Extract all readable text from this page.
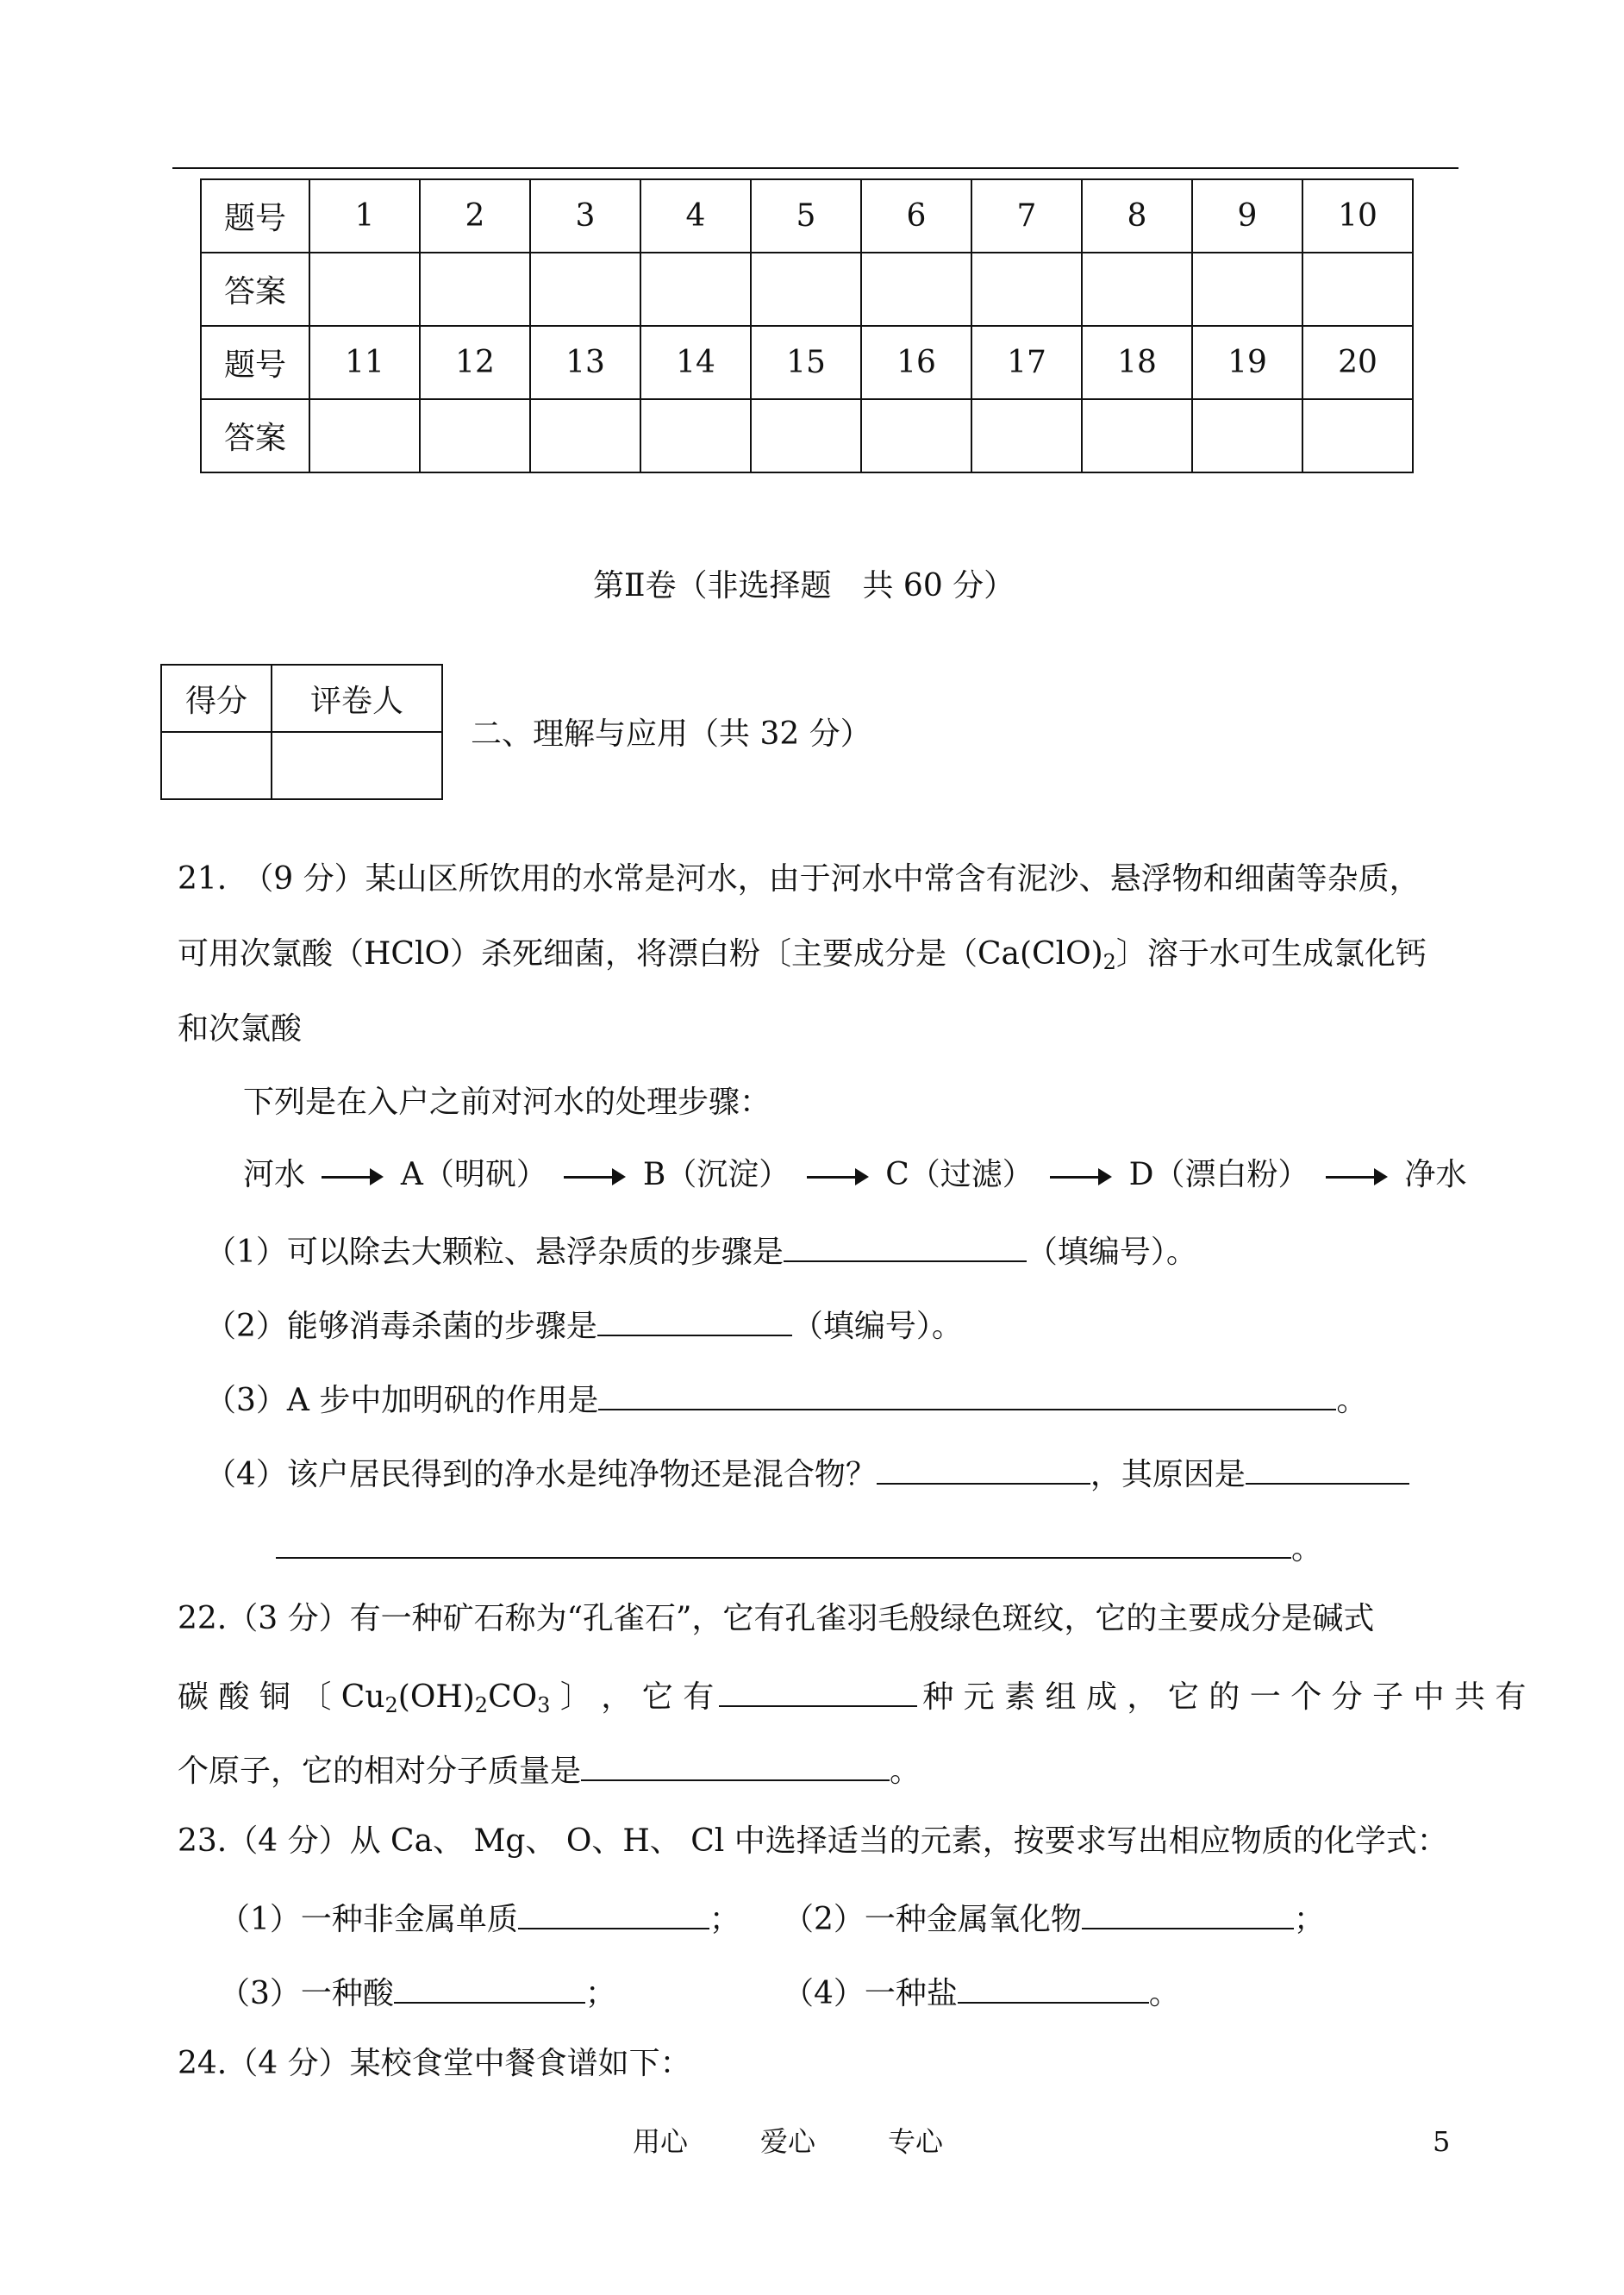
题号	1	2	3	4	5	6	7	8	9	10
答案										
题号	11	12	13	14	15	16	17	18	19	20
答案										
第Ⅱ卷（非选择题　共 60 分）
得分	评卷人

二、理解与应用（共 32 分）
21.　（9 分）某山区所饮用的水常是河水，由于河水中常含有泥沙、悬浮物和细菌等杂质，
可用次氯酸（HClO）杀死细菌，将漂白粉〔主要成分是（$Ca(ClO)_2$〕溶于水可生成氯化钙
和次氯酸
下列是在入户之前对河水的处理步骤：
河水	A（明矾）	B（沉淀）	C（过滤）	D（漂白粉）	净水
（1）可以除去大颗粒、悬浮杂质的步骤是	（填编号）。
（2）能够消毒杀菌的步骤是	（填编号）。
（3）A 步中加明矾的作用是	。
（4）该户居民得到的净水是纯净物还是混合物？	，其原因是
。
22.（3 分）有一种矿石称为“孔雀石”，它有孔雀羽毛般绿色斑纹，它的主要成分是碱式
碳 酸 铜 〔 $Cu_2(OH)_2CO_3$ 〕 ， 它 有	种 元 素 组 成 ， 它 的 一 个 分 子 中 共 有
个原子，它的相对分子质量是	。
23.（4 分）从 Ca、 Mg、 O、H、 Cl 中选择适当的元素，按要求写出相应物质的化学式：
（1）一种非金属单质	； （2）一种金属氧化物	；
（3）一种酸	；	（4）一种盐	。
24.（4 分）某校食堂中餐食谱如下：
用心	爱心	专心	5
